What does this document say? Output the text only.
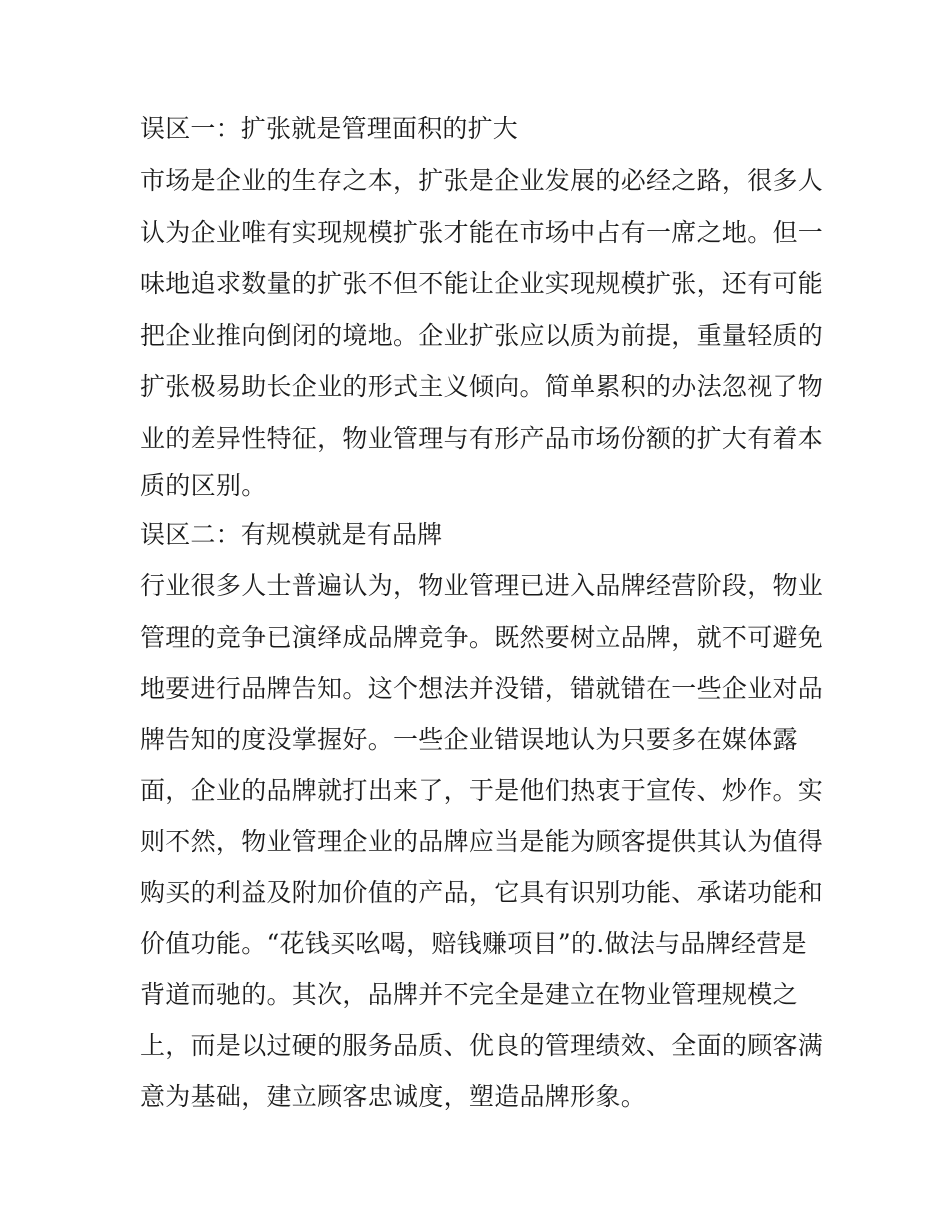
误区一：扩张就是管理面积的扩大
市场是企业的生存之本，扩张是企业发展的必经之路，很多人
认为企业唯有实现规模扩张才能在市场中占有一席之地。但一
味地追求数量的扩张不但不能让企业实现规模扩张，还有可能
把企业推向倒闭的境地。企业扩张应以质为前提，重量轻质的
扩张极易助长企业的形式主义倾向。简单累积的办法忽视了物
业的差异性特征，物业管理与有形产品市场份额的扩大有着本
质的区别。
误区二：有规模就是有品牌
行业很多人士普遍认为，物业管理已进入品牌经营阶段，物业
管理的竞争已演绎成品牌竞争。既然要树立品牌，就不可避免
地要进行品牌告知。这个想法并没错，错就错在一些企业对品
牌告知的度没掌握好。一些企业错误地认为只要多在媒体露
面，企业的品牌就打出来了，于是他们热衷于宣传、炒作。实
则不然，物业管理企业的品牌应当是能为顾客提供其认为值得
购买的利益及附加价值的产品，它具有识别功能、承诺功能和
价值功能。“花钱买吆喝，赔钱赚项目”的.做法与品牌经营是
背道而驰的。其次，品牌并不完全是建立在物业管理规模之
上，而是以过硬的服务品质、优良的管理绩效、全面的顾客满
意为基础，建立顾客忠诚度，塑造品牌形象。
